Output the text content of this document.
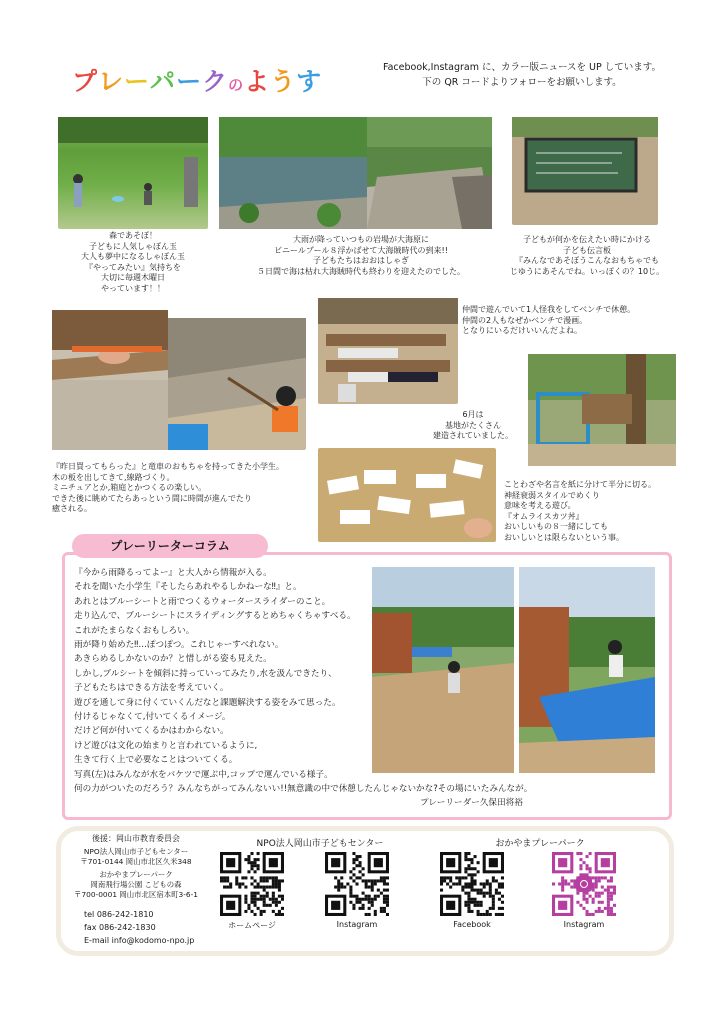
プレーパークのようす	Facebook,Instagram に、カラー版ニュースを UP しています。
下の QR コードよりフォローをお願いします。
森であそぼ！
子どもに人気しゃぼん玉
大人も夢中になるしゃぼん玉
『やってみたい』気持ちを
大切に毎週木曜日
やっています！！
大雨が降っていつもの岩場が大海原に
ビニールプール８浮かばせて大海賊時代の到来!!
子どもたちはおおはしゃぎ
５日間で海は枯れ大海賊時代も終わりを迎えたのでした。
子どもが何かを伝えたい時にかける
子ども伝言板
『みんなであそぼうこんなおもちゃでも
じゆうにあそんでね。いっぽくの？10じ。
仲間で遊んでいて1人怪我をしてベンチで休憩。
仲間の2人もなぜかベンチで漫画。
となりにいるだけいいんだよね。
6月は
基地がたくさん
建造されていました。
『昨日買ってもらった』と竜車のおもちゃを持ってきた小学生。
木の板を出してきて,線路づくり。
ミニチュアとか,箱庭とかつくるの楽しい。
できた後に眺めてたらあっという間に時間が進んでたり
癒される。
ことわざや名言を紙に分けて半分に切る。
神経衰弱スタイルでめくり
意味を考える遊び。
『オムライスカツ丼』
おいしいもの８一緒にしても
おいしいとは限らないという事。
プレーリーターコラム
『今から雨降るってよー』と大人から情報が入る。
それを聞いた小学生『そしたらあれやるしかねーな‼』と。
あれとはブルーシートと雨でつくるウォータースライダーのこと。
走り込んで、ブルーシートにスライディングするとめちゃくちゃすべる。
これがたまらなくおもしろい。
雨が降り始めた‼…ぽつぽつ。これじゃーすべれない。
あきらめるしかないのか？と惜しがる姿も見えた。
しかし,ブルシートを傾斜に持っていってみたり,水を汲んできたり、
子どもたちはできる方法を考えていく。
遊びを通して身に付くていくんだなと課題解決する姿をみて思った。
付けるじゃなくて,付いてくるイメージ。
だけど何が付いてくるかはわからない。
けど遊びは文化の始まりと言われているように,
生きて行く上で必要なことはついてくる。
写真(左)はみんなが水をバケツで運ぶ中,コップで運んでいる様子。
何の力がついたのだろう？みんなちがってみんないい!!無意識の中で休憩したんじゃないかな?その場にいたみんなが。
プレーリーダー久保田将裕
後援：岡山市教育委員会
NPO法人岡山市子どもセンター
〒701-0144 岡山市北区久米348
おかやまプレーパーク
岡南飛行場公園 こどもの森
〒700-0001 岡山市北区宿本町3-6-1
tel 086-242-1810
fax 086-242-1830
E-mail info@kodomo-npo.jp
NPO法人岡山市子どもセンター	おかやまプレーパーク
ホームページ	Instagram	Facebook	Instagram
